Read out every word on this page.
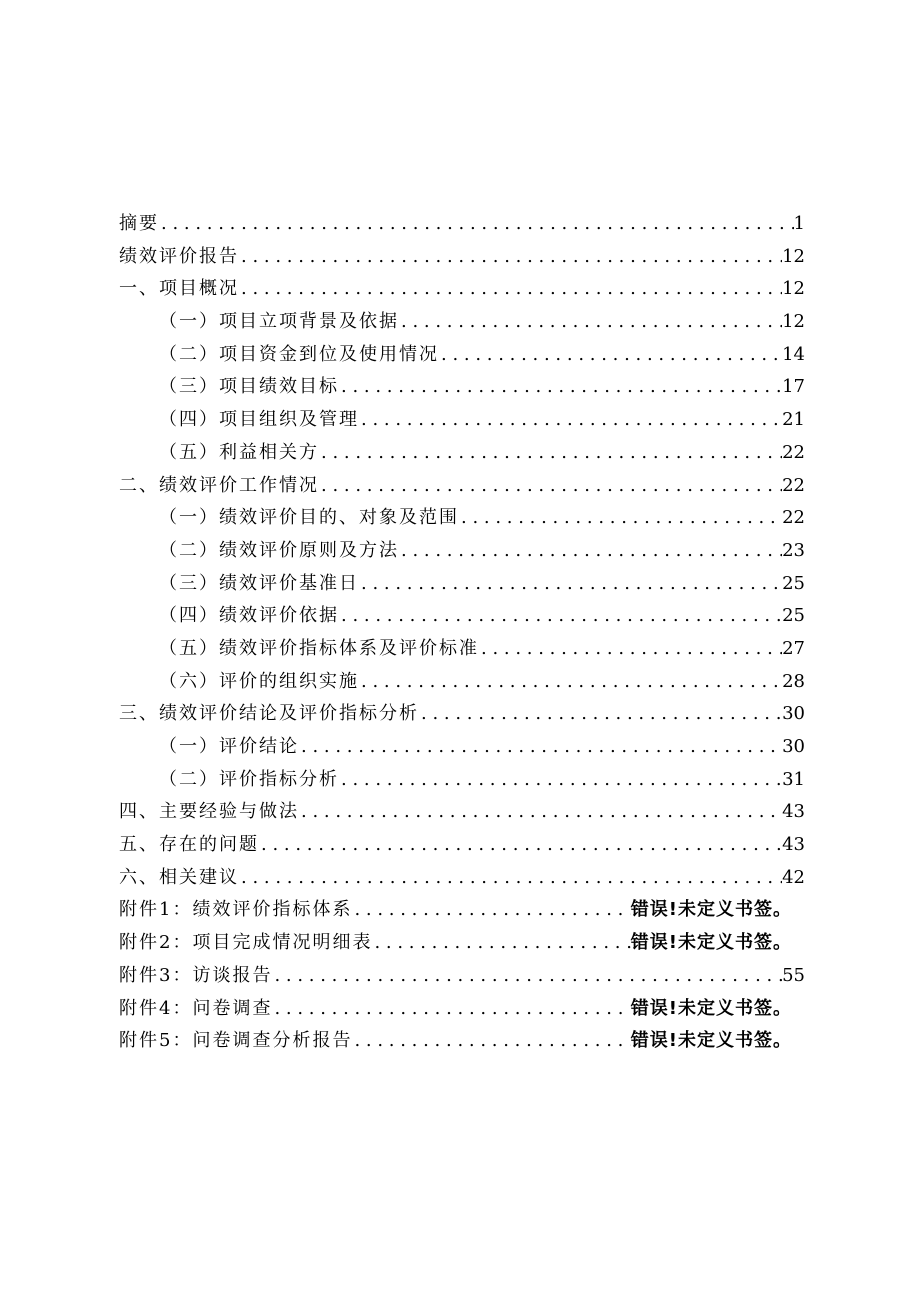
摘要 . . .	1
绩效评价报告 . . .	12
一、项目概况 . . .	12
（一）项目立项背景及依据 . . .	12
（二）项目资金到位及使用情况 . . .	14
（三）项目绩效目标 . . .	17
（四）项目组织及管理 . . .	21
（五）利益相关方 . . .	22
二、绩效评价工作情况 . . .	22
（一）绩效评价目的、对象及范围 . . .	22
（二）绩效评价原则及方法 . . .	23
（三）绩效评价基准日 . . .	25
（四）绩效评价依据 . . .	25
（五）绩效评价指标体系及评价标准 . . .	27
（六）评价的组织实施 . . .	28
三、绩效评价结论及评价指标分析 . . .	30
（一）评价结论 . . .	30
（二）评价指标分析 . . .	31
四、主要经验与做法 . . .	43
五、存在的问题 . . .	43
六、相关建议 . . .	42
附件1：绩效评价指标体系 . . .	错误!未定义书签。
附件2：项目完成情况明细表 . . .	错误!未定义书签。
附件3：访谈报告 . . .	55
附件4：问卷调查 . . .	错误!未定义书签。
附件5：问卷调查分析报告 . . .	错误!未定义书签。
